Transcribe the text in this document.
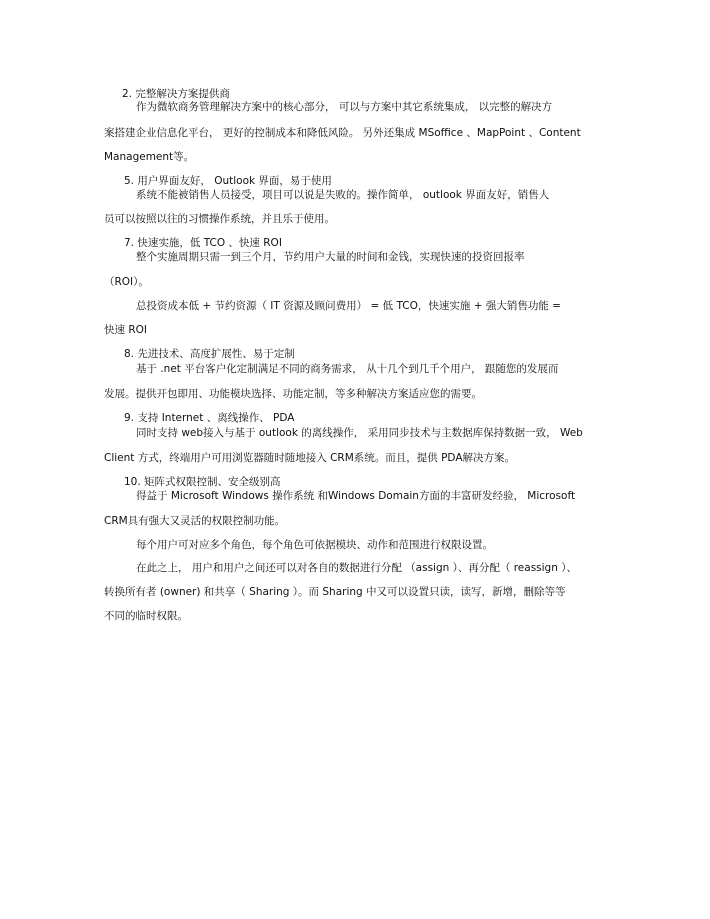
2. 完整解决方案提供商
作为微软商务管理解决方案中的核心部分， 可以与方案中其它系统集成， 以完整的解决方
案搭建企业信息化平台， 更好的控制成本和降低风险。 另外还集成 MSoffice 、MapPoint 、Content
Management等。
5. 用户界面友好， Outlook 界面，易于使用
系统不能被销售人员接受，项目可以说是失败的。操作简单， outlook 界面友好，销售人
员可以按照以往的习惯操作系统，并且乐于使用。
7. 快速实施，低 TCO 、快速 ROI
整个实施周期只需一到三个月，节约用户大量的时间和金钱，实现快速的投资回报率
（ROI）。
总投资成本低 + 节约资源（ IT 资源及顾问费用） = 低 TCO，快速实施 + 强大销售功能 =
快速 ROI
8. 先进技术、高度扩展性、易于定制
基于 .net 平台客户化定制满足不同的商务需求， 从十几个到几千个用户， 跟随您的发展而
发展。提供开包即用、功能模块选择、功能定制，等多种解决方案适应您的需要。
9. 支持 Internet 、离线操作、 PDA
同时支持 web接入与基于 outlook 的离线操作， 采用同步技术与主数据库保持数据一致， Web
Client 方式，终端用户可用浏览器随时随地接入 CRM系统。而且，提供 PDA解决方案。
10. 矩阵式权限控制、安全级别高
得益于 Microsoft Windows 操作系统 和Windows Domain方面的丰富研发经验， Microsoft
CRM具有强大又灵活的权限控制功能。
每个用户可对应多个角色，每个角色可依据模块、动作和范围进行权限设置。
在此之上， 用户和用户之间还可以对各自的数据进行分配 （assign ）、再分配（ reassign ）、
转换所有者 (owner) 和共享（ Sharing ）。而 Sharing 中又可以设置只读，读写，新增，删除等等
不同的临时权限。
